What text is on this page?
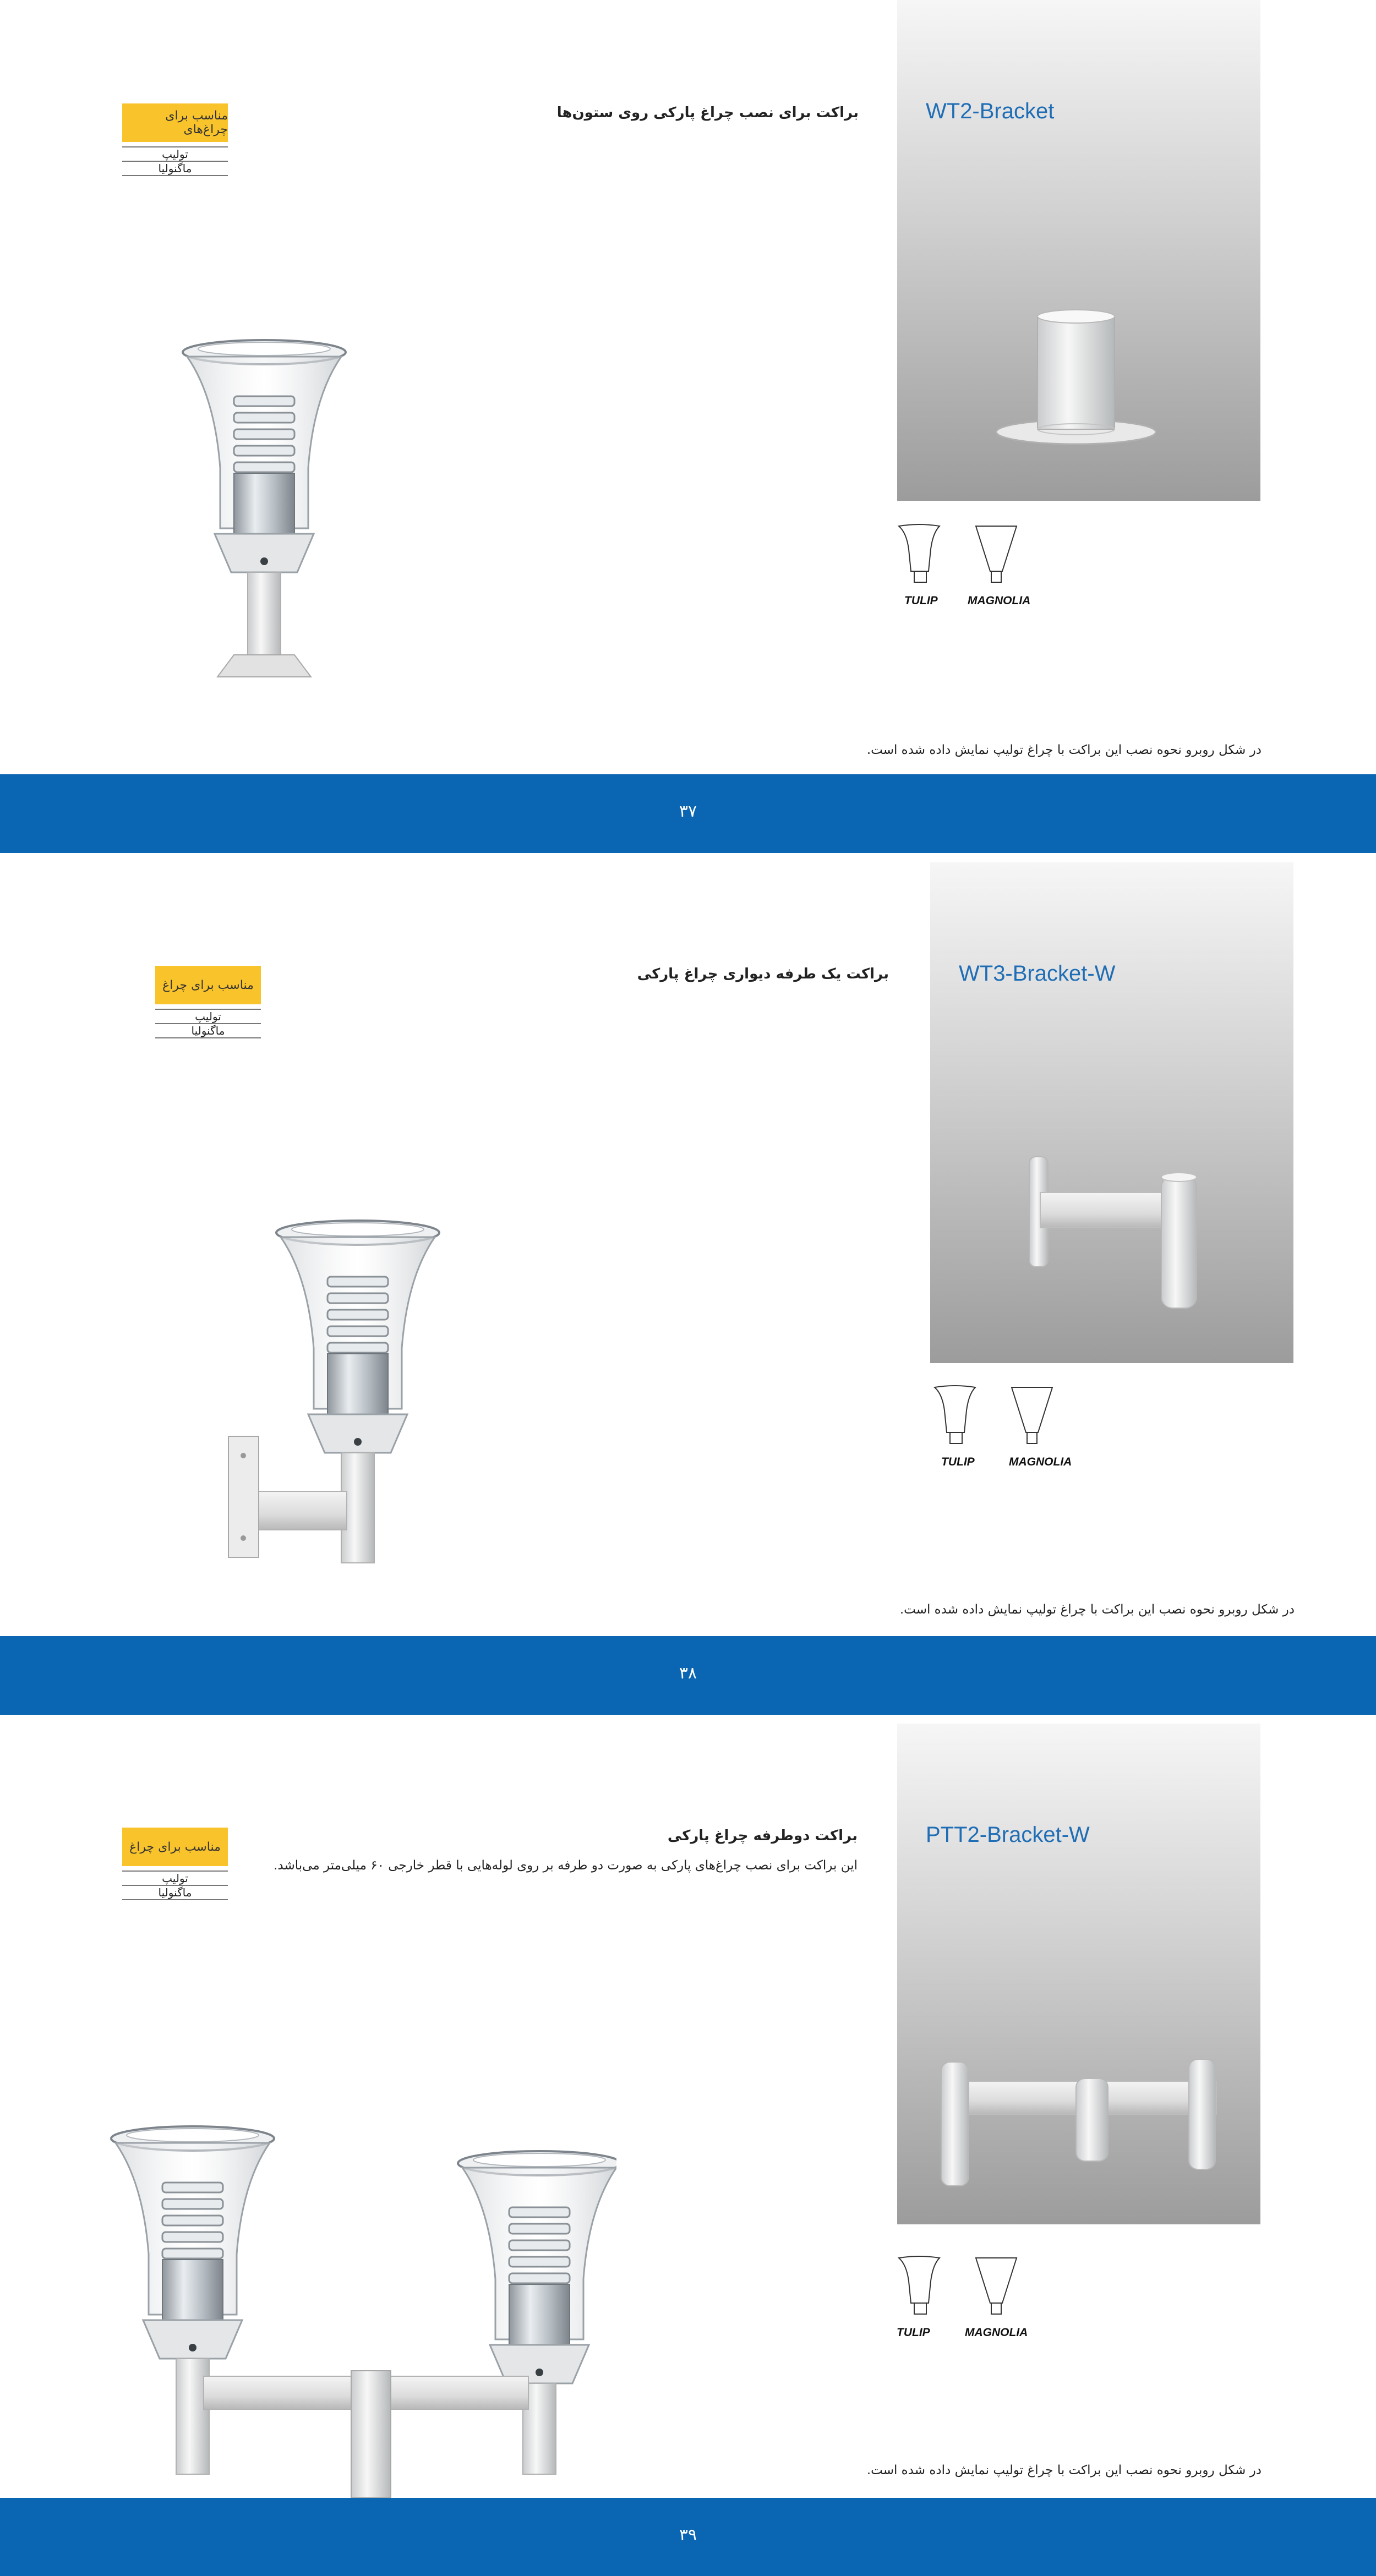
WT2-Bracket
براکت برای نصب چراغ پارکی روی ستون‌ها
مناسب برای چراغ‌های
تولیپ
ماگنولیا
TULIP	MAGNOLIA
در شکل روبرو نحوه نصب این براکت با چراغ تولیپ نمایش داده شده است.
۳۷
WT3-Bracket-W
براکت یک طرفه دیواری چراغ پارکی
مناسب برای چراغ
تولیپ
ماگنولیا
TULIP	MAGNOLIA
در شکل روبرو نحوه نصب این براکت با چراغ تولیپ نمایش داده شده است.
۳۸
PTT2-Bracket-W
براکت دوطرفه چراغ پارکی
این براکت برای نصب چراغ‌های پارکی به صورت دو طرفه بر روی لوله‌هایی با قطر خارجی ۶۰ میلی‌متر می‌باشد.
مناسب برای چراغ
تولیپ
ماگنولیا
TULIP	MAGNOLIA
در شکل روبرو نحوه نصب این براکت با چراغ تولیپ نمایش داده شده است.
۳۹
